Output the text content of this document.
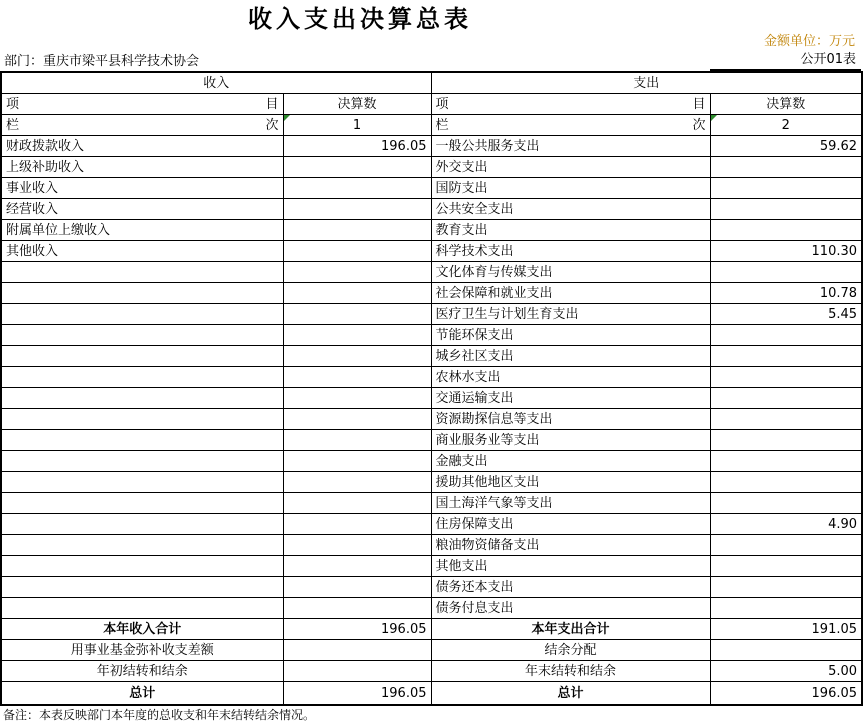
收入支出决算总表
金额单位：万元
部门：重庆市梁平县科学技术协会	公开01表
收入		支出	

项 目	决算数	项 目	决算数

栏 次	1	栏 次	2
财政拨款收入	196.05	一般公共服务支出	59.62
上级补助收入		外交支出	
事业收入		国防支出	
经营收入		公共安全支出	
附属单位上缴收入		教育支出	
其他收入		科学技术支出	110.30
		文化体育与传媒支出	
		社会保障和就业支出	10.78
		医疗卫生与计划生育支出	5.45
		节能环保支出	
		城乡社区支出	
		农林水支出	
		交通运输支出	
		资源勘探信息等支出	
		商业服务业等支出	
		金融支出	
		援助其他地区支出	
		国土海洋气象等支出	
		住房保障支出	4.90
		粮油物资储备支出	
		其他支出	
		债务还本支出	
		债务付息支出	
本年收入合计	196.05	本年支出合计	191.05
用事业基金弥补收支差额		结余分配	
年初结转和结余		年末结转和结余	5.00
总计	196.05	总计	196.05
备注：本表反映部门本年度的总收支和年末结转结余情况。
